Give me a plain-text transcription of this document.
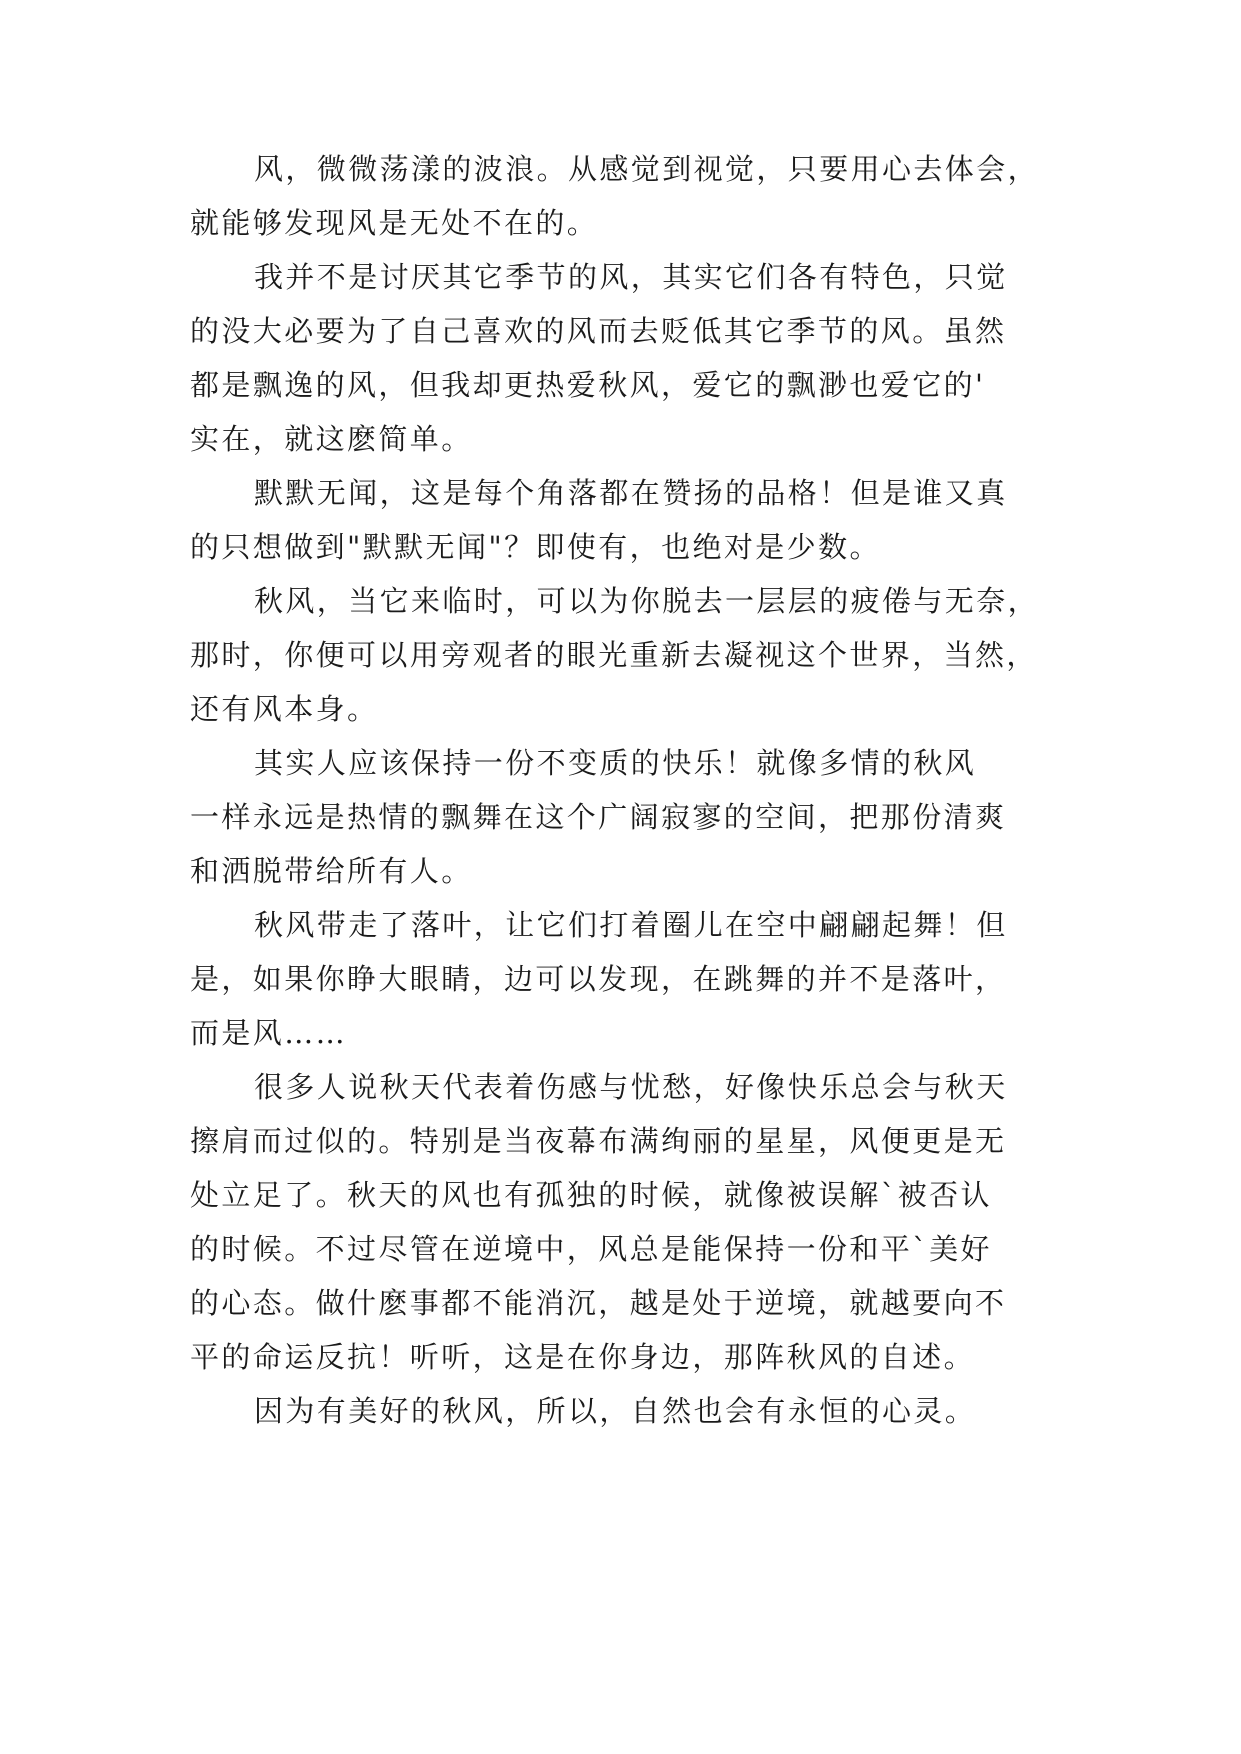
风，微微荡漾的波浪。从感觉到视觉，只要用心去体会，
就能够发现风是无处不在的。
我并不是讨厌其它季节的风，其实它们各有特色，只觉
的没大必要为了自己喜欢的风而去贬低其它季节的风。虽然
都是飘逸的风，但我却更热爱秋风，爱它的飘渺也爱它的'
实在，就这麽简单。
默默无闻，这是每个角落都在赞扬的品格！但是谁又真
的只想做到"默默无闻"？即使有，也绝对是少数。
秋风，当它来临时，可以为你脱去一层层的疲倦与无奈，
那时，你便可以用旁观者的眼光重新去凝视这个世界，当然，
还有风本身。
其实人应该保持一份不变质的快乐！就像多情的秋风
一样永远是热情的飘舞在这个广阔寂寥的空间，把那份清爽
和洒脱带给所有人。
秋风带走了落叶，让它们打着圈儿在空中翩翩起舞！但
是，如果你睁大眼睛，边可以发现，在跳舞的并不是落叶，
而是风……
很多人说秋天代表着伤感与忧愁，好像快乐总会与秋天
擦肩而过似的。特别是当夜幕布满绚丽的星星，风便更是无
处立足了。秋天的风也有孤独的时候，就像被误解`被否认
的时候。不过尽管在逆境中，风总是能保持一份和平`美好
的心态。做什麽事都不能消沉，越是处于逆境，就越要向不
平的命运反抗！听听，这是在你身边，那阵秋风的自述。
因为有美好的秋风，所以，自然也会有永恒的心灵。
